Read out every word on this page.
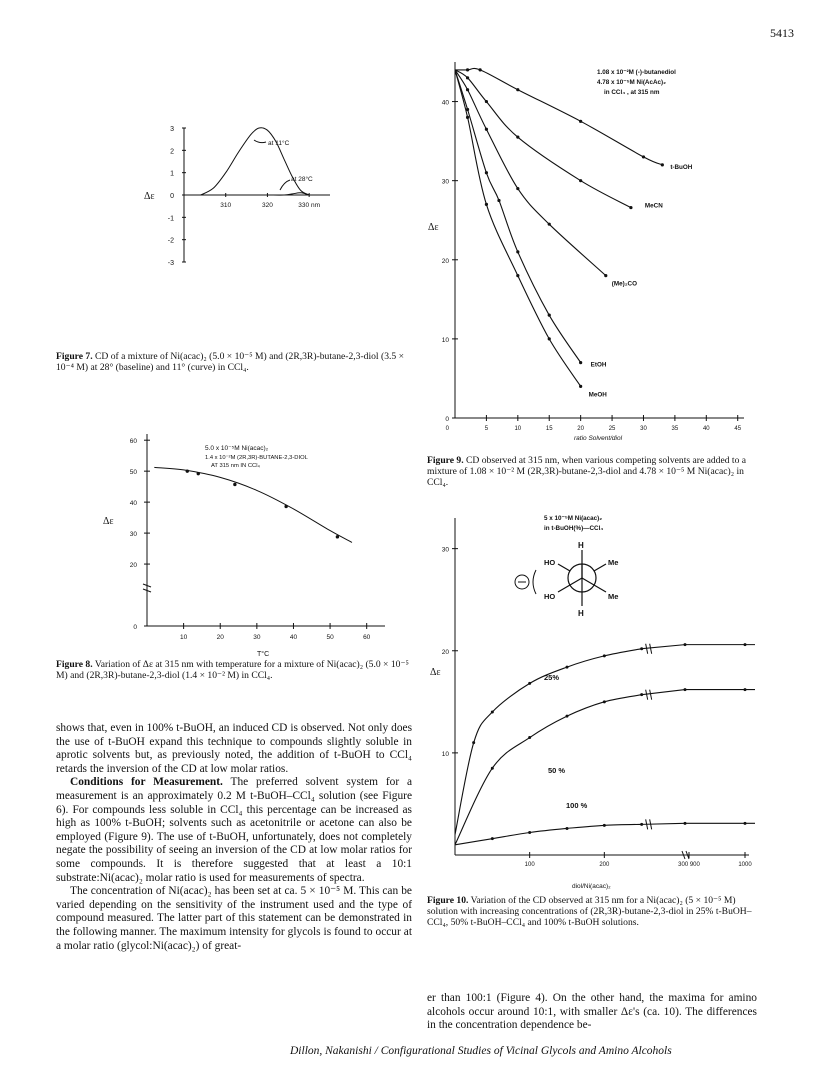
5413
3
2
1
0
-1
-2
-3
310	320	330 nm
Δε
at 11°C
at 28°C
Figure 7. CD of a mixture of Ni(acac)₂ (5.0 × 10⁻⁵ M) and (2R,3R)-butane-2,3-diol (3.5 × 10⁻⁴ M) at 28° (baseline) and 11° (curve) in CCl₄.
0
20
30
40
50
60
10	20	30	40	50	60
Δε
T°C
5.0 x 10⁻⁵M Ni(acac)₂
1.4 x 10⁻²M (2R,3R)-BUTANE-2,3-DIOL
AT 315 nm IN CCl₄
Figure 8. Variation of Δε at 315 nm with temperature for a mixture of Ni(acac)₂ (5.0 × 10⁻⁵ M) and (2R,3R)-butane-2,3-diol (1.4 × 10⁻² M) in CCl₄.

shows that, even in 100% t-BuOH, an induced CD is observed. Not only does the use of t-BuOH expand this technique to compounds slightly soluble in aprotic solvents but, as previously noted, the addition of t-BuOH to CCl₄ retards the inversion of the CD at low molar ratios.

Conditions for Measurement. The preferred solvent system for a measurement is an approximately 0.2 M t-BuOH–CCl₄ solution (see Figure 6). For compounds less soluble in CCl₄ this percentage can be increased as high as 100% t-BuOH; solvents such as acetonitrile or acetone can also be employed (Figure 9). The use of t-BuOH, unfortunately, does not completely negate the possibility of seeing an inversion of the CD at low molar ratios for some compounds. It is therefore suggested that at least a 10:1 substrate:Ni(acac)₂ molar ratio is used for measurements of spectra.

The concentration of Ni(acac)₂ has been set at ca. 5 × 10⁻⁵ M. This can be varied depending on the sensitivity of the instrument used and the type of compound measured. The latter part of this statement can be demonstrated in the following manner. The maximum intensity for glycols is found to occur at a molar ratio (glycol:Ni(acac)₂) of great-

0
10
20
30
40
5	10	15	20	25	30	35	40	45
0
Δε
ratio Solvent/diol
1.08 x 10⁻²M (-)-butanediol
4.78 x 10⁻⁵M Ni(AcAc)₂
in CCl₄ , at 315 nm
t-BuOH
MeCN
(Me)₂CO
EtOH
MeOH
Figure 9. CD observed at 315 nm, when various competing solvents are added to a mixture of 1.08 × 10⁻² M (2R,3R)-butane-2,3-diol and 4.78 × 10⁻⁵ M Ni(acac)₂ in CCl₄.
10
20
30
100	200	300 900	1000
Δε
diol/Ni(acac)₂
5 x 10⁻⁵M Ni(acac)₂
in t-BuOH(%)—CCl₄
H
HO	Me
HO	Me
H
25%
50 %
100 %
Figure 10. Variation of the CD observed at 315 nm for a Ni(acac)₂ (5 × 10⁻⁵ M) solution with increasing concentrations of (2R,3R)-butane-2,3-diol in 25% t-BuOH–CCl₄, 50% t-BuOH–CCl₄ and 100% t-BuOH solutions.

er than 100:1 (Figure 4). On the other hand, the maxima for amino alcohols occur around 10:1, with smaller Δε's (ca. 10). The differences in the concentration dependence be-

Dillon, Nakanishi / Configurational Studies of Vicinal Glycols and Amino Alcohols
